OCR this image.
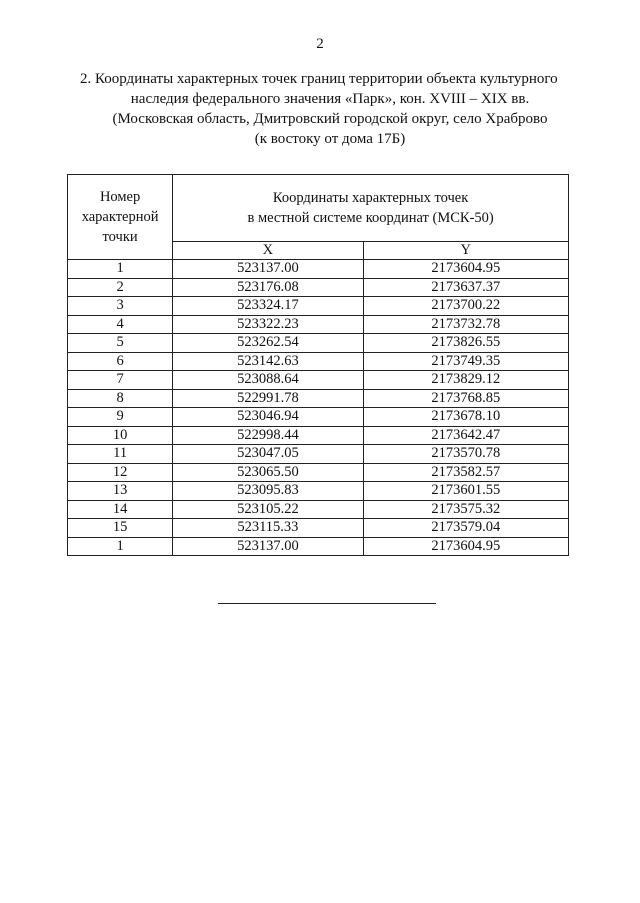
2
2. Координаты характерных точек границ территории объекта культурного
наследия федерального значения «Парк», кон. XVIII – XIX вв.
(Московская область, Дмитровский городской округ, село Храброво
(к востоку от дома 17Б)
Номер
характерной
точки	Координаты характерных точек
в местной системе координат (МСК-50)	
	X	Y
1	523137.00	2173604.95
2	523176.08	2173637.37
3	523324.17	2173700.22
4	523322.23	2173732.78
5	523262.54	2173826.55
6	523142.63	2173749.35
7	523088.64	2173829.12
8	522991.78	2173768.85
9	523046.94	2173678.10
10	522998.44	2173642.47
11	523047.05	2173570.78
12	523065.50	2173582.57
13	523095.83	2173601.55
14	523105.22	2173575.32
15	523115.33	2173579.04
1	523137.00	2173604.95
